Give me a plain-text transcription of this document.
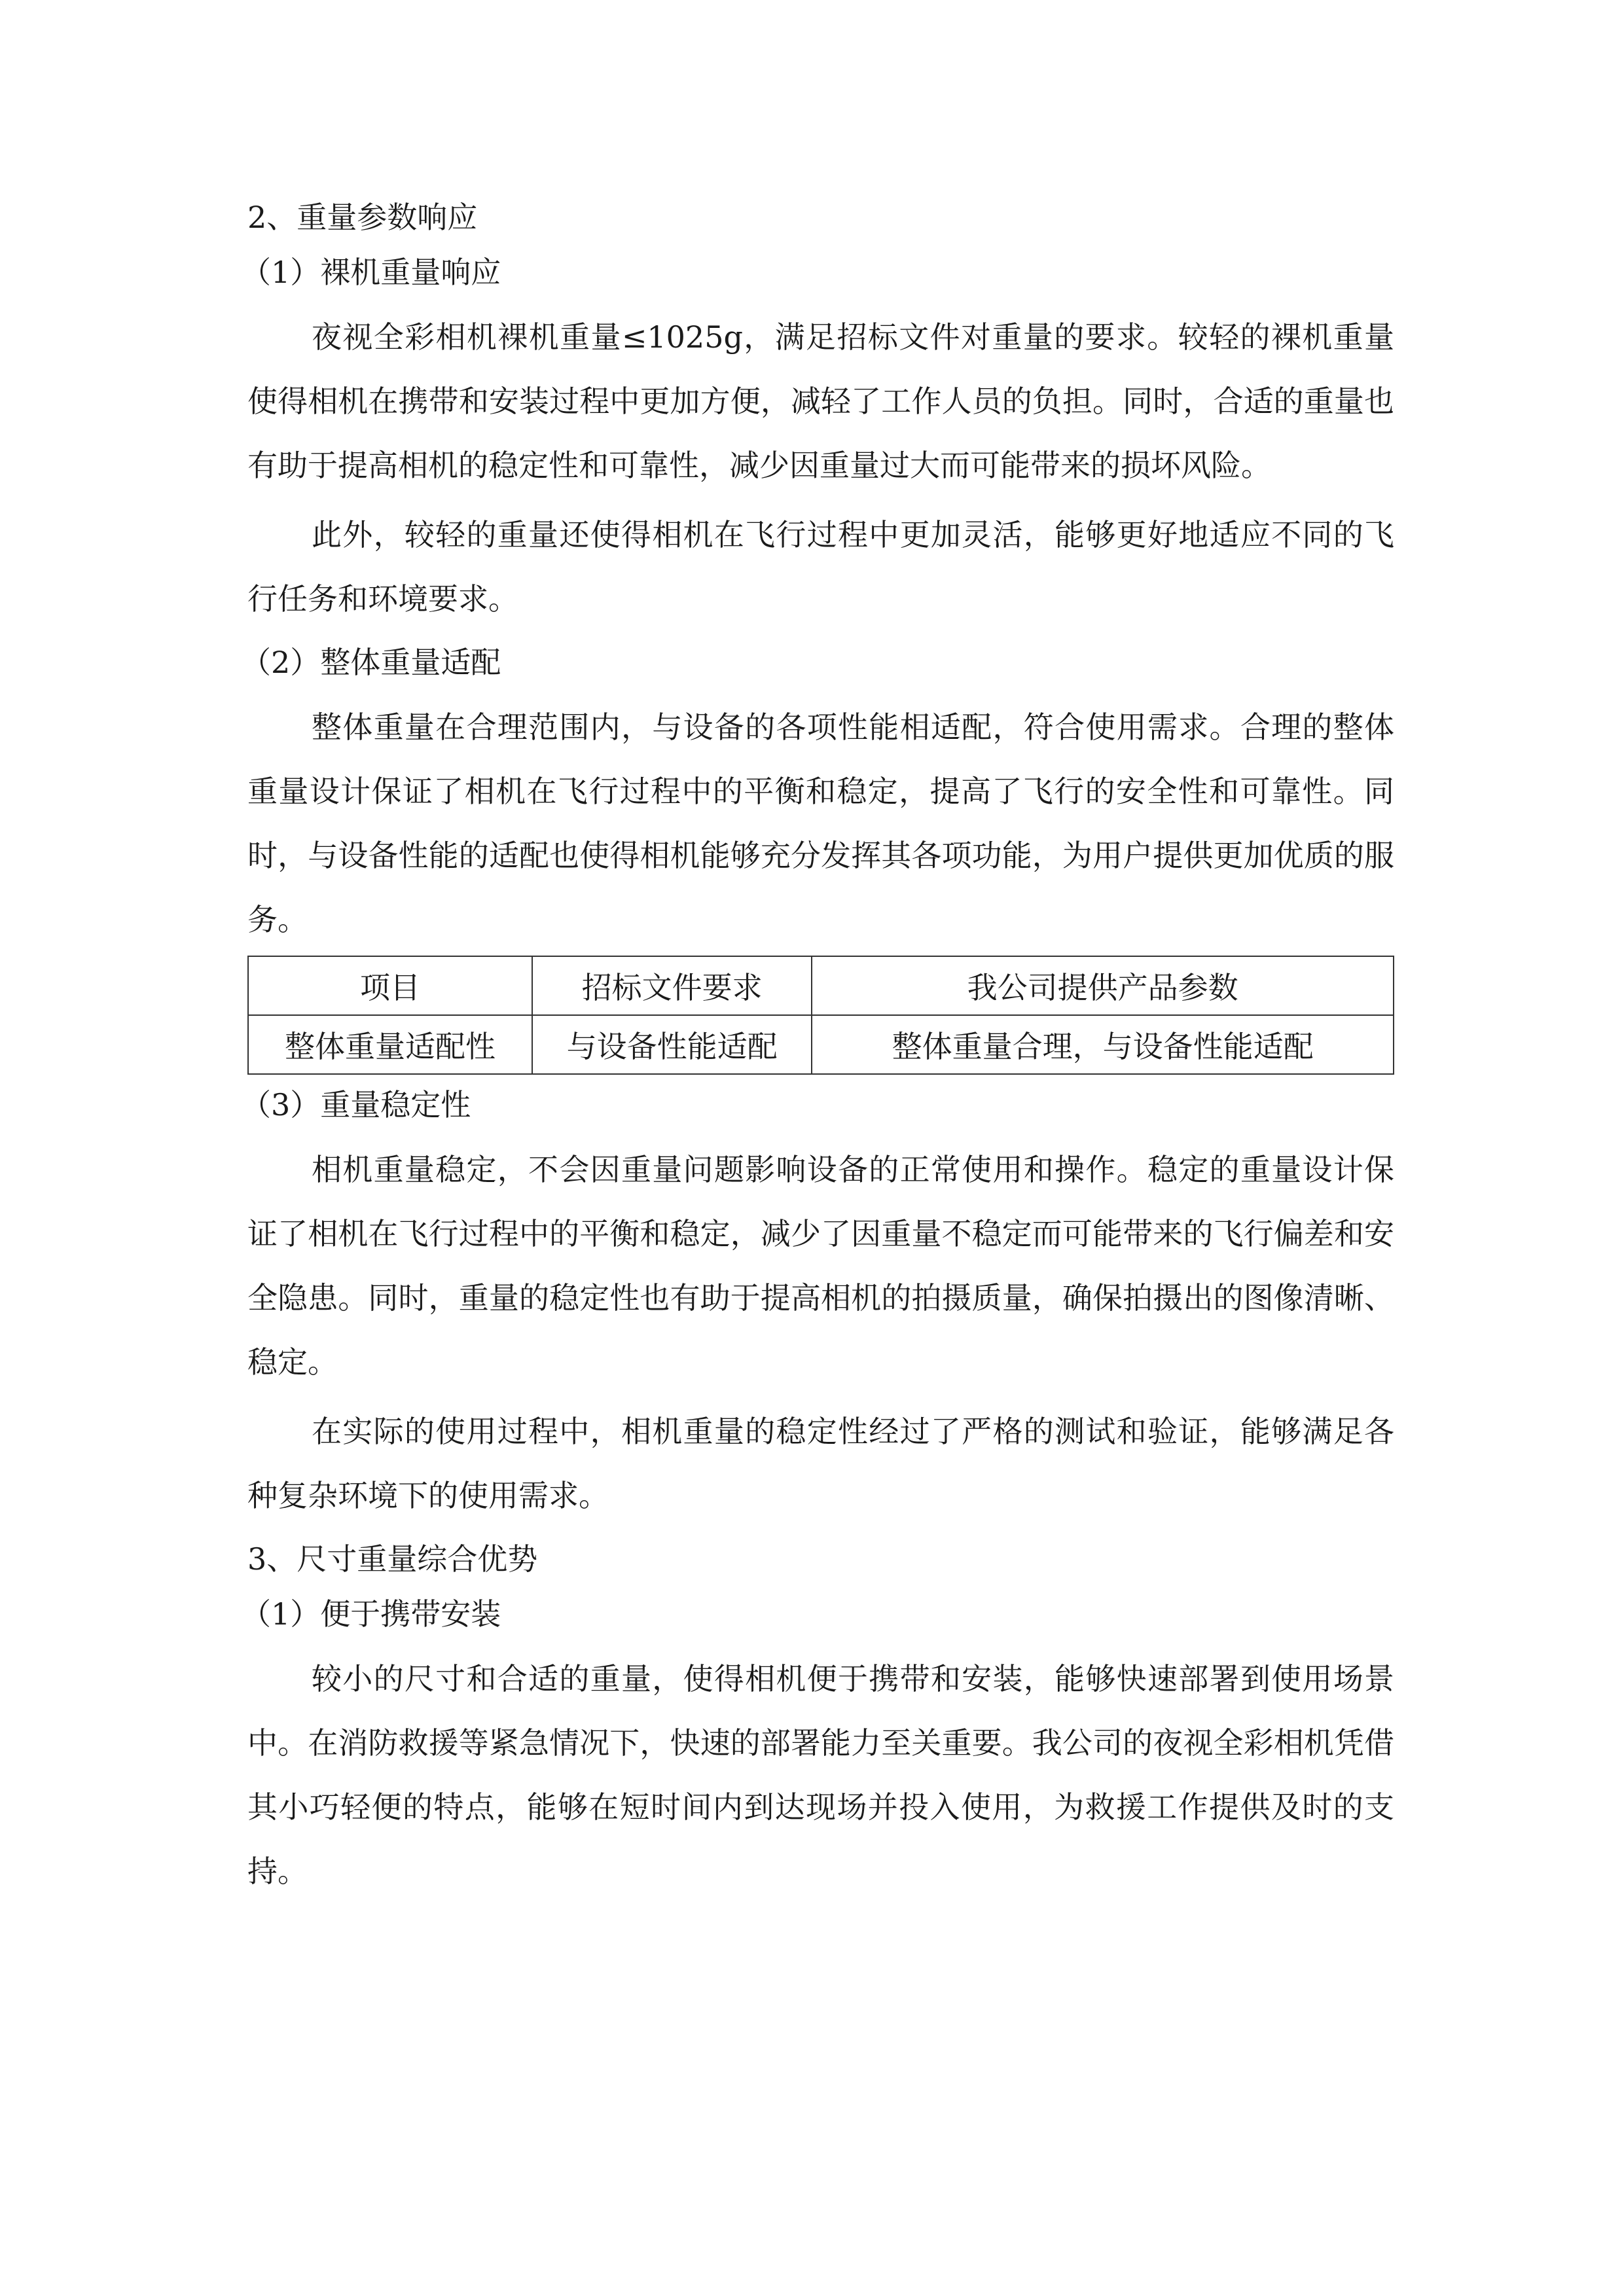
2、重量参数响应

（1）裸机重量响应

夜视全彩相机裸机重量≤1025g，满足招标文件对重量的要求。较轻的裸机重量使得相机在携带和安装过程中更加方便，减轻了工作人员的负担。同时，合适的重量也有助于提高相机的稳定性和可靠性，减少因重量过大而可能带来的损坏风险。

此外，较轻的重量还使得相机在飞行过程中更加灵活，能够更好地适应不同的飞行任务和环境要求。

（2）整体重量适配

整体重量在合理范围内，与设备的各项性能相适配，符合使用需求。合理的整体重量设计保证了相机在飞行过程中的平衡和稳定，提高了飞行的安全性和可靠性。同时，与设备性能的适配也使得相机能够充分发挥其各项功能，为用户提供更加优质的服务。

项目	招标文件要求	我公司提供产品参数
整体重量适配性	与设备性能适配	整体重量合理，与设备性能适配

（3）重量稳定性

相机重量稳定，不会因重量问题影响设备的正常使用和操作。稳定的重量设计保证了相机在飞行过程中的平衡和稳定，减少了因重量不稳定而可能带来的飞行偏差和安全隐患。同时，重量的稳定性也有助于提高相机的拍摄质量，确保拍摄出的图像清晰、稳定。

在实际的使用过程中，相机重量的稳定性经过了严格的测试和验证，能够满足各种复杂环境下的使用需求。

3、尺寸重量综合优势

（1）便于携带安装

较小的尺寸和合适的重量，使得相机便于携带和安装，能够快速部署到使用场景中。在消防救援等紧急情况下，快速的部署能力至关重要。我公司的夜视全彩相机凭借其小巧轻便的特点，能够在短时间内到达现场并投入使用，为救援工作提供及时的支持。
